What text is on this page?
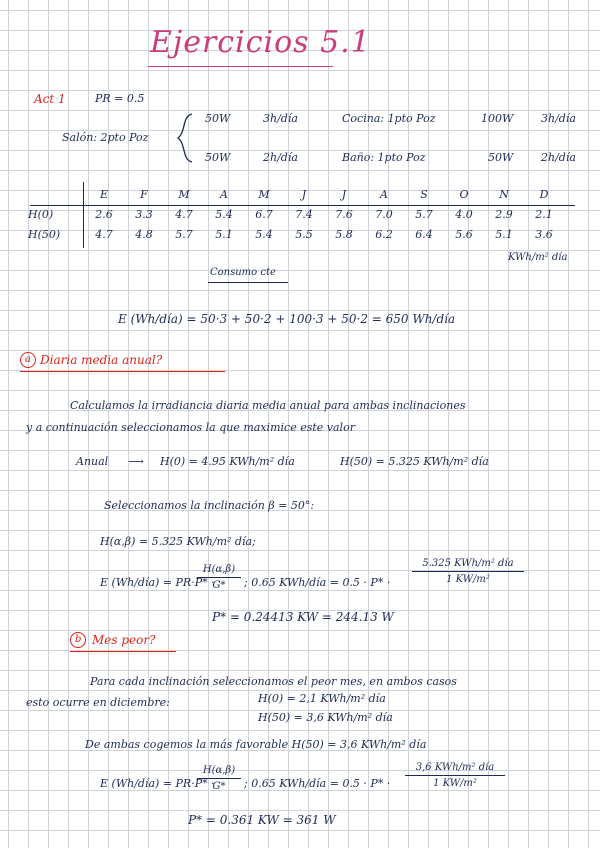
Ejercicios 5.1
Act 1	PR = 0.5
Salón: 2pto Poz
50W	3h/día
50W	2h/día
Cocina: 1pto Poz	100W	3h/día
Baño: 1pto Poz	50W	2h/día
	E	F	M	A	M	J	J	A	S	O	N	D
H(0)	2.6	3.3	4.7	5.4	6.7	7.4	7.6	7.0	5.7	4.0	2.9	2.1
H(50)	4.7	4.8	5.7	5.1	5.4	5.5	5.8	6.2	6.4	5.6	5.1	3.6
KWh/m² día
Consumo cte
E (Wh/día) = 50·3 + 50·2 + 100·3 + 50·2 = 650 Wh/día
a Diaria media anual?
Calculamos la irradiancia diaria media anual para ambas inclinaciones
y a continuación seleccionamos la que maximice este valor
Anual ⟶ H(0) = 4.95 KWh/m² día	H(50) = 5.325 KWh/m² día
Seleccionamos la inclinación β = 50°:
H(α,β) = 5.325 KWh/m² día;
E (Wh/día) = PR·P* ·
H(α,β)
G*	; 0.65 KWh/día = 0.5 · P* ·
5.325 KWh/m² día
1 KW/m²
P* = 0.24413 KW = 244.13 W
b Mes peor?
Para cada inclinación seleccionamos el peor mes, en ambos casos
esto ocurre en diciembre:	H(0) = 2,1 KWh/m² día
H(50) = 3,6 KWh/m² día
De ambas cogemos la más favorable H(50) = 3,6 KWh/m² día
E (Wh/día) = PR·P* ·
H(α,β)
G*	; 0.65 KWh/día = 0.5 · P* ·
3,6 KWh/m² día
1 KW/m²
P* = 0.361 KW = 361 W
